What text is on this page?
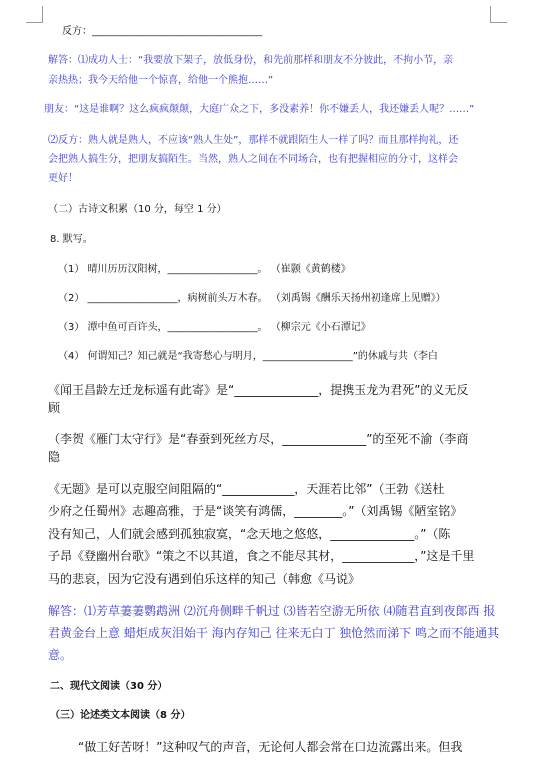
反方：__________________________________
解答：⑴成功人士：“我要放下架子，放低身份，和先前那样和朋友不分彼此，不拘小节，亲
亲热热；我今天给他一个惊喜，给他一个熊抱……”
朋友：“这是谁啊？这么疯疯颠颠，大庭广众之下，多没素养！你不嫌丢人，我还嫌丢人呢？……”
⑵反方：熟人就是熟人，不应该“熟人生处”，那样不就跟陌生人一样了吗？而且那样拘礼，还
会把熟人搞生分，把朋友搞陌生。当然，熟人之间在不同场合，也有把握相应的分寸，这样会
更好！
（二）古诗文积累（10 分，每空 1 分）
8. 默写。
（1） 晴川历历汉阳树，__________________。 （崔颢《黄鹤楼》
（2） __________________，病树前头万木春。 （刘禹锡《酬乐天扬州初逢席上见赠》）
（3） 潭中鱼可百许头，__________________。 （柳宗元《小石潭记》
（4） 何谓知己？知己就是“我寄愁心与明月，__________________”的休戚与共（李白
《闻王昌龄左迁龙标遥有此寄》是“______________，提携玉龙为君死”的义无反
顾
（李贺《雁门太守行》是“春蚕到死丝方尽，______________”的至死不渝（李商
隐
《无题》是可以克服空间阻隔的“____________，天涯若比邻”（王勃《送杜
少府之任蜀州》志趣高雅，于是“谈笑有鸿儒，________。”（刘禹锡《陋室铭》
没有知己，人们就会感到孤独寂寞，“念天地之悠悠，______________。”（陈
子昂《登幽州台歌》“策之不以其道，食之不能尽其材，____________，”这是千里
马的悲哀，因为它没有遇到伯乐这样的知己（韩愈《马说》
解答：⑴芳草萋萋鹦鹉洲 ⑵沉舟侧畔千帆过 ⑶皆若空游无所依 ⑷随君直到夜郎西 报
君黄金台上意 蜡炬成灰泪始干 海内存知己 往来无白丁 独怆然而涕下 鸣之而不能通其
意。
二、现代文阅读（30 分）
（三）论述类文本阅读（8 分）
“做工好苦呀！”这种叹气的声音，无论何人都会常在口边流露出来。但我
